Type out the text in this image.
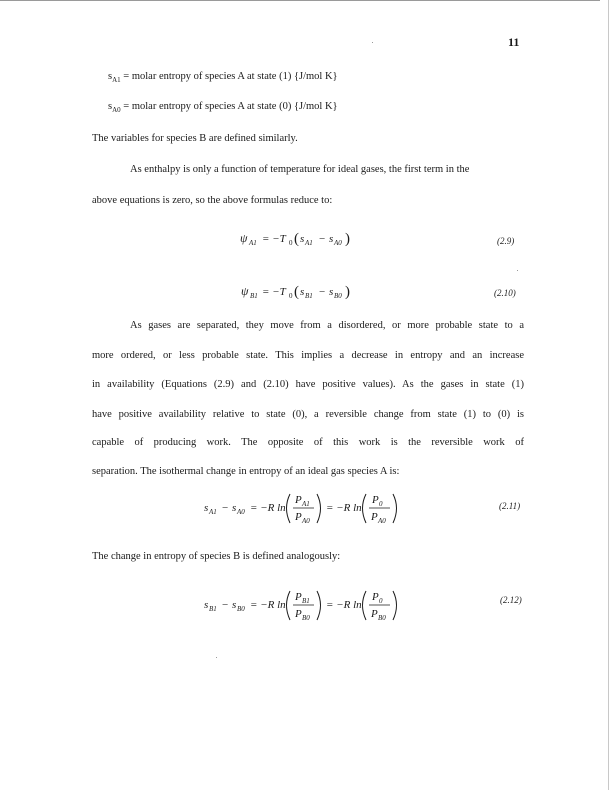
11
$s_{A1}$ = molar entropy of species A at state (1) {J/mol K}
$s_{A0}$ = molar entropy of species A at state (0) {J/mol K}
The variables for species B are defined similarly.
As enthalpy is only a function of temperature for ideal gases, the first term in the
above equations is zero, so the above formulas reduce to:
ψ A1 = −T 0 ( s A1 − s A0 )	(2.9)
ψ B1 = −T 0 ( s B1 − s B0 )	(2.10)
As gases are separated, they move from a disordered, or more probable state to a
more ordered, or less probable state. This implies a decrease in entropy and an increase
in availability (Equations (2.9) and (2.10) have positive values). As the gases in state (1)
have positive availability relative to state (0), a reversible change from state (1) to (0) is
capable of producing work. The opposite of this work is the reversible work of
separation. The isothermal change in entropy of an ideal gas species A is:
s A1 − s A0 = −R ln
P A1
P A0
= −R ln
P 0
P A0
(2.11)
The change in entropy of species B is defined analogously:
s B1 − s B0 = −R ln
P B1
P B0
= −R ln
P 0
P B0
(2.12)
